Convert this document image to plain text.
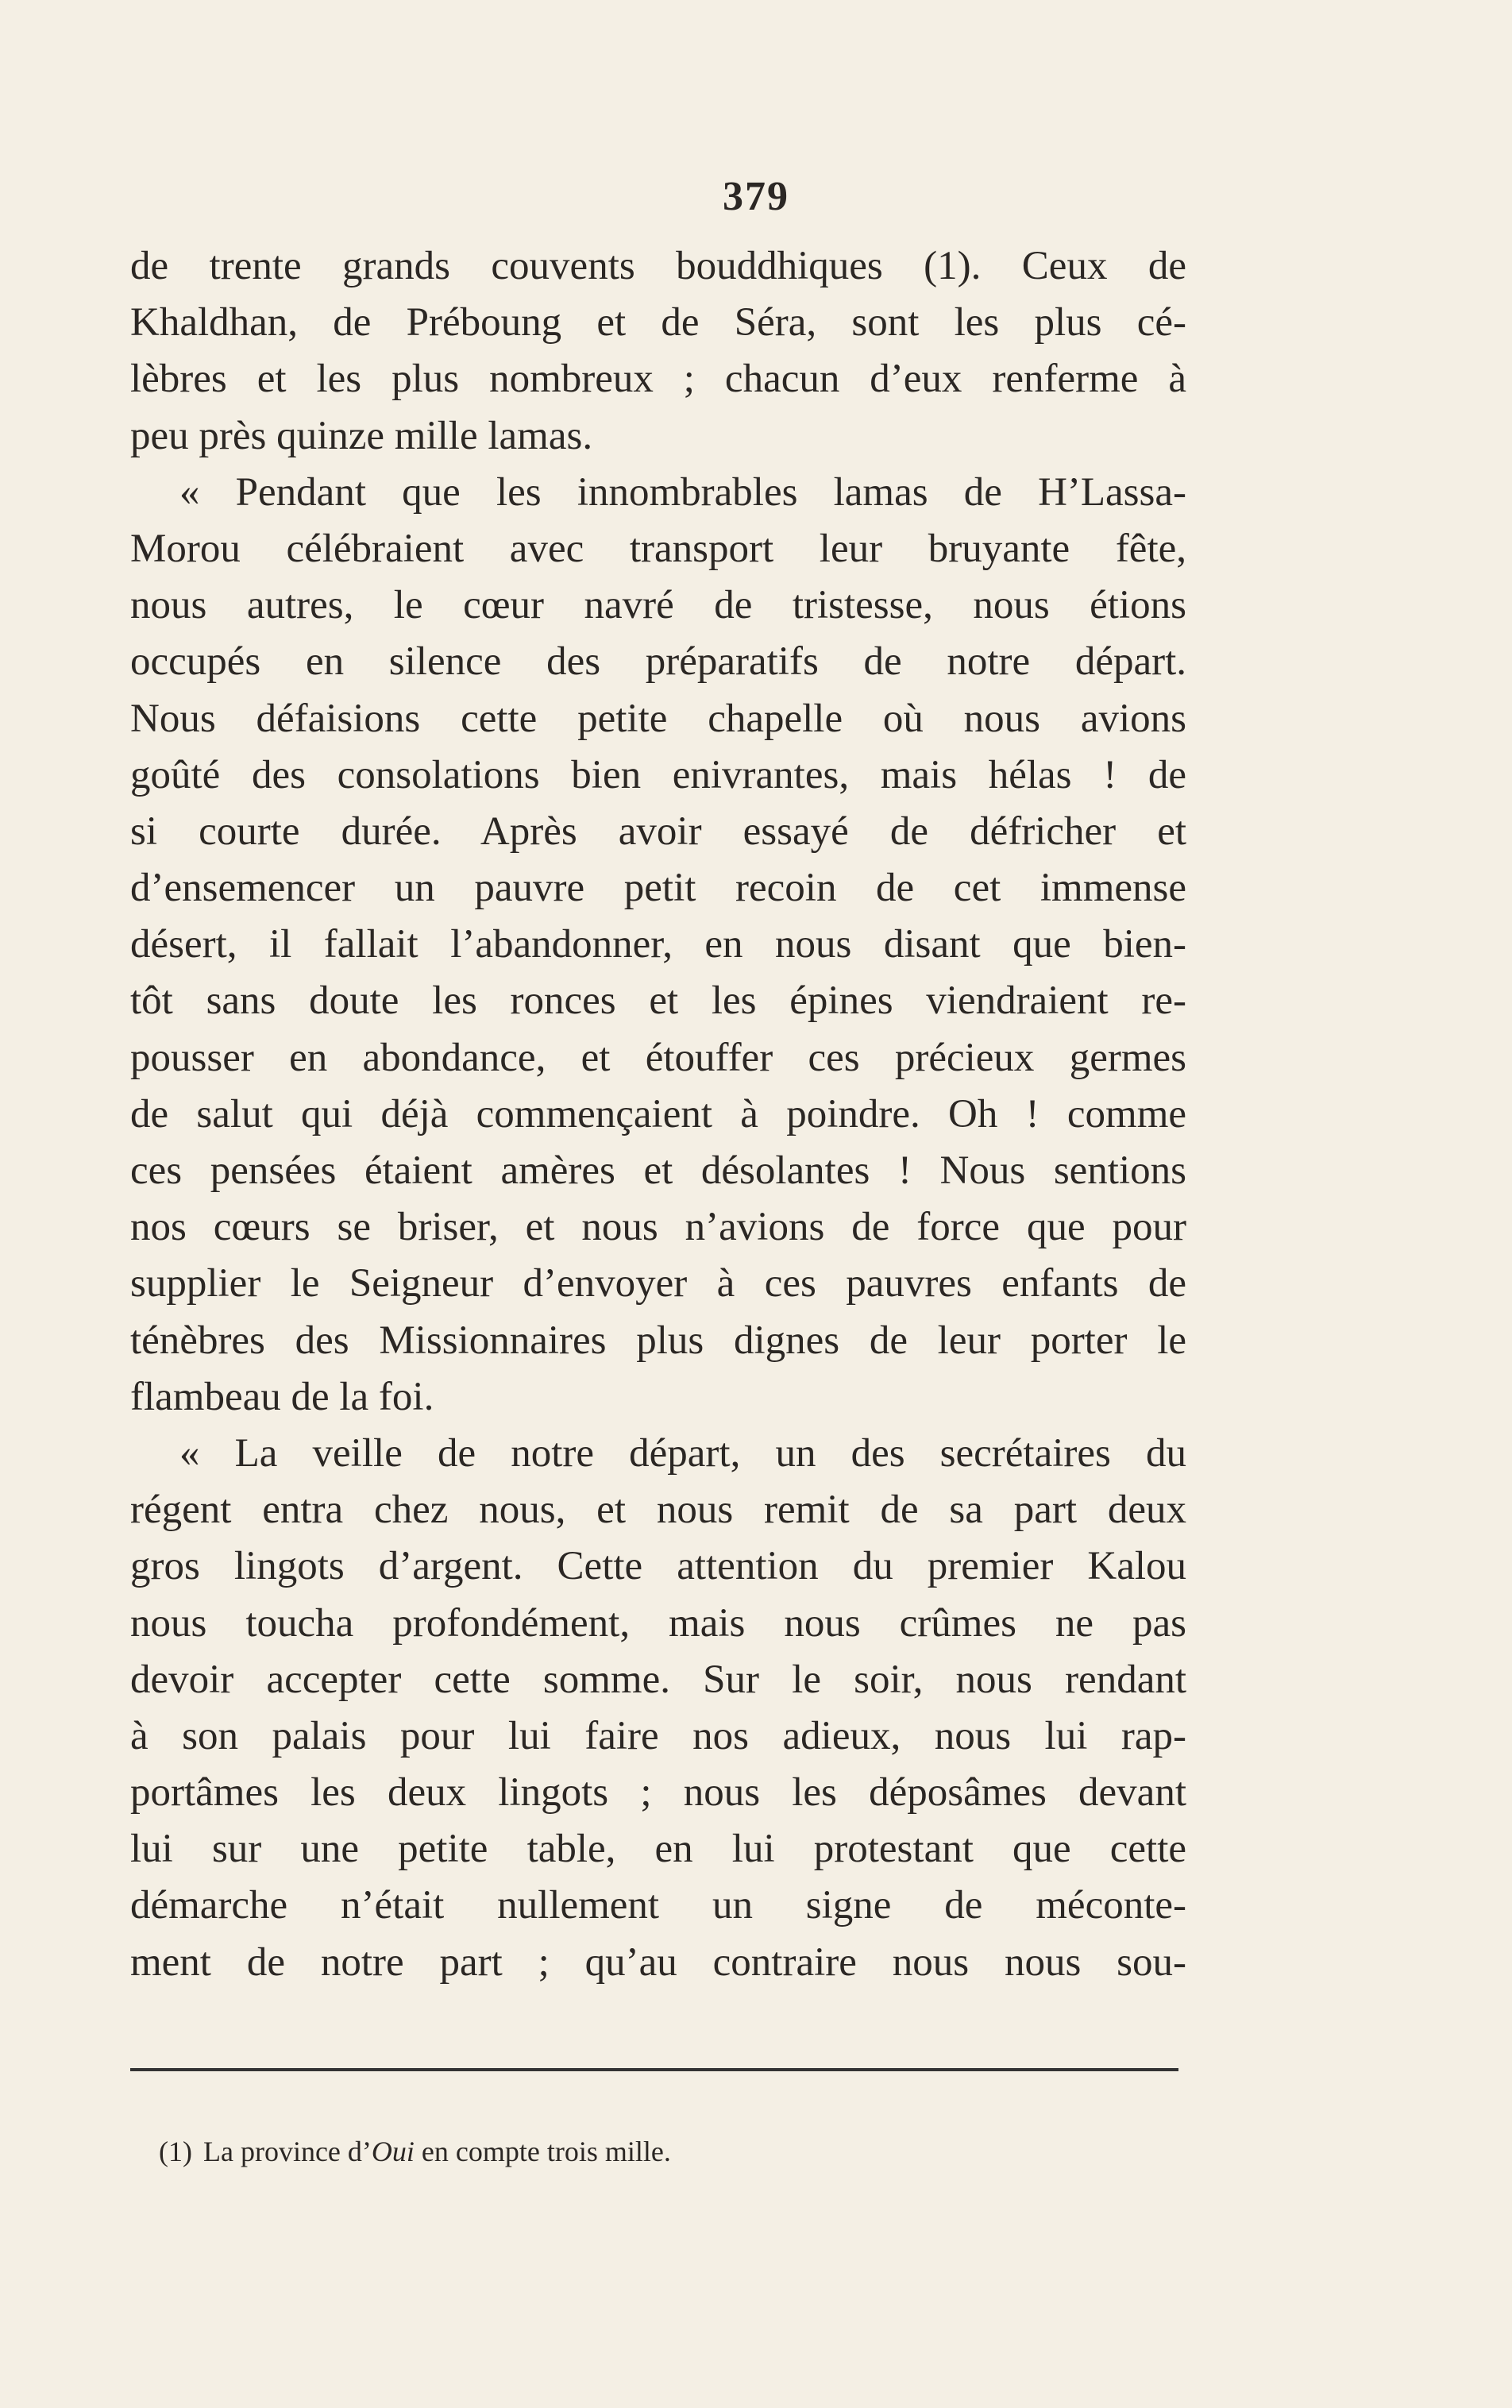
379

de trente grands couvents bouddhiques (1). Ceux de
Khaldhan, de Préboung et de Séra, sont les plus cé-
lèbres et les plus nombreux ; chacun d’eux renferme à
peu près quinze mille lamas.
« Pendant que les innombrables lamas de H’Lassa-
Morou célébraient avec transport leur bruyante fête,
nous autres, le cœur navré de tristesse, nous étions
occupés en silence des préparatifs de notre départ.
Nous défaisions cette petite chapelle où nous avions
goûté des consolations bien enivrantes, mais hélas ! de
si courte durée. Après avoir essayé de défricher et
d’ensemencer un pauvre petit recoin de cet immense
désert, il fallait l’abandonner, en nous disant que bien-
tôt sans doute les ronces et les épines viendraient re-
pousser en abondance, et étouffer ces précieux germes
de salut qui déjà commençaient à poindre. Oh ! comme
ces pensées étaient amères et désolantes ! Nous sentions
nos cœurs se briser, et nous n’avions de force que pour
supplier le Seigneur d’envoyer à ces pauvres enfants de
ténèbres des Missionnaires plus dignes de leur porter le
flambeau de la foi.
« La veille de notre départ, un des secrétaires du
régent entra chez nous, et nous remit de sa part deux
gros lingots d’argent. Cette attention du premier Kalou
nous toucha profondément, mais nous crûmes ne pas
devoir accepter cette somme. Sur le soir, nous rendant
à son palais pour lui faire nos adieux, nous lui rap-
portâmes les deux lingots ; nous les déposâmes devant
lui sur une petite table, en lui protestant que cette
démarche n’était nullement un signe de méconte-
ment de notre part ; qu’au contraire nous nous sou-

(1) La province d’Oui en compte trois mille.
